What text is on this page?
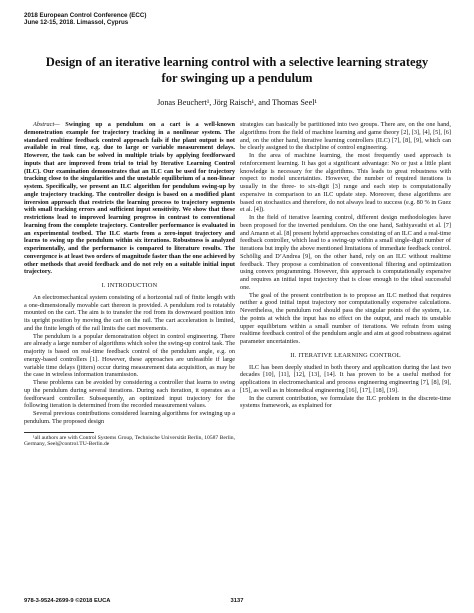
2018 European Control Conference (ECC)
June 12-15, 2018. Limassol, Cyprus
Design of an iterative learning control with a selective learning strategy for swinging up a pendulum
Jonas Beuchert¹, Jörg Raisch¹, and Thomas Seel¹

Abstract— Swinging up a pendulum on a cart is a well-known demonstration example for trajectory tracking in a nonlinear system. The standard realtime feedback control approach fails if the plant output is not available in real time, e.g. due to large or variable measurement delays. However, the task can be solved in multiple trials by applying feedforward inputs that are improved from trial to trial by Iterative Learning Control (ILC). Our examination demonstrates that an ILC can be used for trajectory tracking close to the singularities and the unstable equilibrium of a non-linear system. Specifically, we present an ILC algorithm for pendulum swing-up by angle trajectory tracking. The controller design is based on a modified plant inversion approach that restricts the learning process to trajectory segments with small tracking errors and sufficient input sensitivity. We show that these restrictions lead to improved learning progress in contrast to conventional learning from the complete trajectory. Controller performance is evaluated in an experimental testbed. The ILC starts from a zero-input trajectory and learns to swing up the pendulum within six iterations. Robustness is analyzed experimentally, and the performance is compared to literature results. The convergence is at least two orders of magnitude faster than the one achieved by other methods that avoid feedback and do not rely on a suitable initial input trajectory.

I. INTRODUCTION

An electromechanical system consisting of a horizontal rail of finite length with a one-dimensionally movable cart thereon is provided. A pendulum rod is rotatably mounted on the cart. The aim is to transfer the rod from its downward position into its upright position by moving the cart on the rail. The cart acceleration is limited, and the finite length of the rail limits the cart movements.

The pendulum is a popular demonstration object in control engineering. There are already a large number of algorithms which solve the swing-up control task. The majority is based on real-time feedback control of the pendulum angle, e.g. on energy-based controllers [1]. However, these approaches are unfeasible if large variable time delays (jitters) occur during measurement data acquisition, as may be the case in wireless information transmission.

These problems can be avoided by considering a controller that learns to swing up the pendulum during several iterations. During each iteration, it operates as a feedforward controller. Subsequently, an optimized input trajectory for the following iteration is determined from the recorded measurement values.

Several previous contributions considered learning algorithms for swinging up a pendulum. The proposed design

¹all authors are with Control Systems Group, Technische Universität Berlin, 10587 Berlin, Germany, Seel@control.TU-Berlin.de

strategies can basically be partitioned into two groups. There are, on the one hand, algorithms from the field of machine learning and game theory [2], [3], [4], [5], [6] and, on the other hand, iterative learning controllers (ILC) [7], [8], [9], which can be clearly assigned to the discipline of control engineering.

In the area of machine learning, the most frequently used approach is reinforcement learning. It has got a significant advantage: No or just a little plant knowledge is necessary for the algorithms. This leads to great robustness with respect to model uncertainties. However, the number of required iterations is usually in the three- to six-digit [3] range and each step is computationally expensive in comparison to an ILC update step. Moreover, these algorithms are based on stochastics and therefore, do not always lead to success (e.g. 80 % in Guez et al. [4]).

In the field of iterative learning control, different design methodologies have been proposed for the inverted pendulum. On the one hand, Sathiyavathi et al. [7] and Amann et al. [8] present hybrid approaches consisting of an ILC and a real-time feedback controller, which lead to a swing-up within a small single-digit number of iterations but imply the above mentioned limitations of immediate feedback control. Schöllig and D’Andrea [9], on the other hand, rely on an ILC without realtime feedback. They propose a combination of conventional filtering and optimization using convex programming. However, this approach is computationally expensive and requires an initial input trajectory that is close enough to the ideal successful one.

The goal of the present contribution is to propose an ILC method that requires neither a good initial input trajectory nor computationally expensive calculations. Nevertheless, the pendulum rod should pass the singular points of the system, i.e. the points at which the input has no effect on the output, and reach its unstable upper equilibrium within a small number of iterations. We refrain from using realtime feedback control of the pendulum angle and aim at good robustness against parameter uncertainties.

II. ITERATIVE LEARNING CONTROL

ILC has been deeply studied in both theory and application during the last two decades [10], [11], [12], [13], [14]. It has proven to be a useful method for applications in electromechanical and process engineering engineering [7], [8], [9], [15], as well as in biomedical engineering [16], [17], [18], [19].

In the current contribution, we formulate the ILC problem in the discrete-time systems framework, as explained for

978-3-9524-2699-9 ©2018 EUCA	3137
